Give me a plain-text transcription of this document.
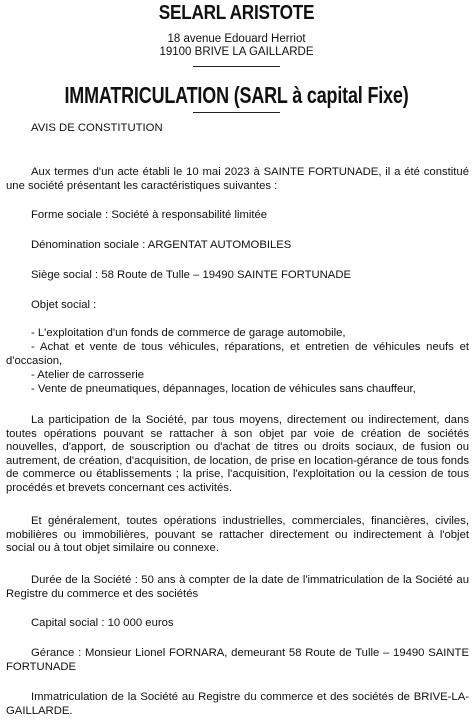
SELARL ARISTOTE
18 avenue Edouard Herriot
19100 BRIVE LA GAILLARDE
IMMATRICULATION (SARL à capital Fixe)
AVIS DE CONSTITUTION
Aux termes d'un acte établi le 10 mai 2023 à SAINTE FORTUNADE, il a été constitué une société présentant les caractéristiques suivantes :
Forme sociale : Société à responsabilité limitée
Dénomination sociale : ARGENTAT AUTOMOBILES
Siège social : 58 Route de Tulle – 19490 SAINTE FORTUNADE
Objet social :
- L'exploitation d'un fonds de commerce de garage automobile,
- Achat et vente de tous véhicules, réparations, et entretien de véhicules neufs et d'occasion,
- Atelier de carrosserie
- Vente de pneumatiques, dépannages, location de véhicules sans chauffeur,
La participation de la Société, par tous moyens, directement ou indirectement, dans toutes opérations pouvant se rattacher à son objet par voie de création de sociétés nouvelles, d'apport, de souscription ou d'achat de titres ou droits sociaux, de fusion ou autrement, de création, d'acquisition, de location, de prise en location-gérance de tous fonds de commerce ou établissements ; la prise, l'acquisition, l'exploitation ou la cession de tous procédés et brevets concernant ces activités.
Et généralement, toutes opérations industrielles, commerciales, financières, civiles, mobilières ou immobilières, pouvant se rattacher directement ou indirectement à l'objet social ou à tout objet similaire ou connexe.
Durée de la Société : 50 ans à compter de la date de l'immatriculation de la Société au Registre du commerce et des sociétés
Capital social : 10 000 euros
Gérance : Monsieur Lionel FORNARA, demeurant 58 Route de Tulle – 19490 SAINTE FORTUNADE
Immatriculation de la Société au Registre du commerce et des sociétés de BRIVE-LA-GAILLARDE.
